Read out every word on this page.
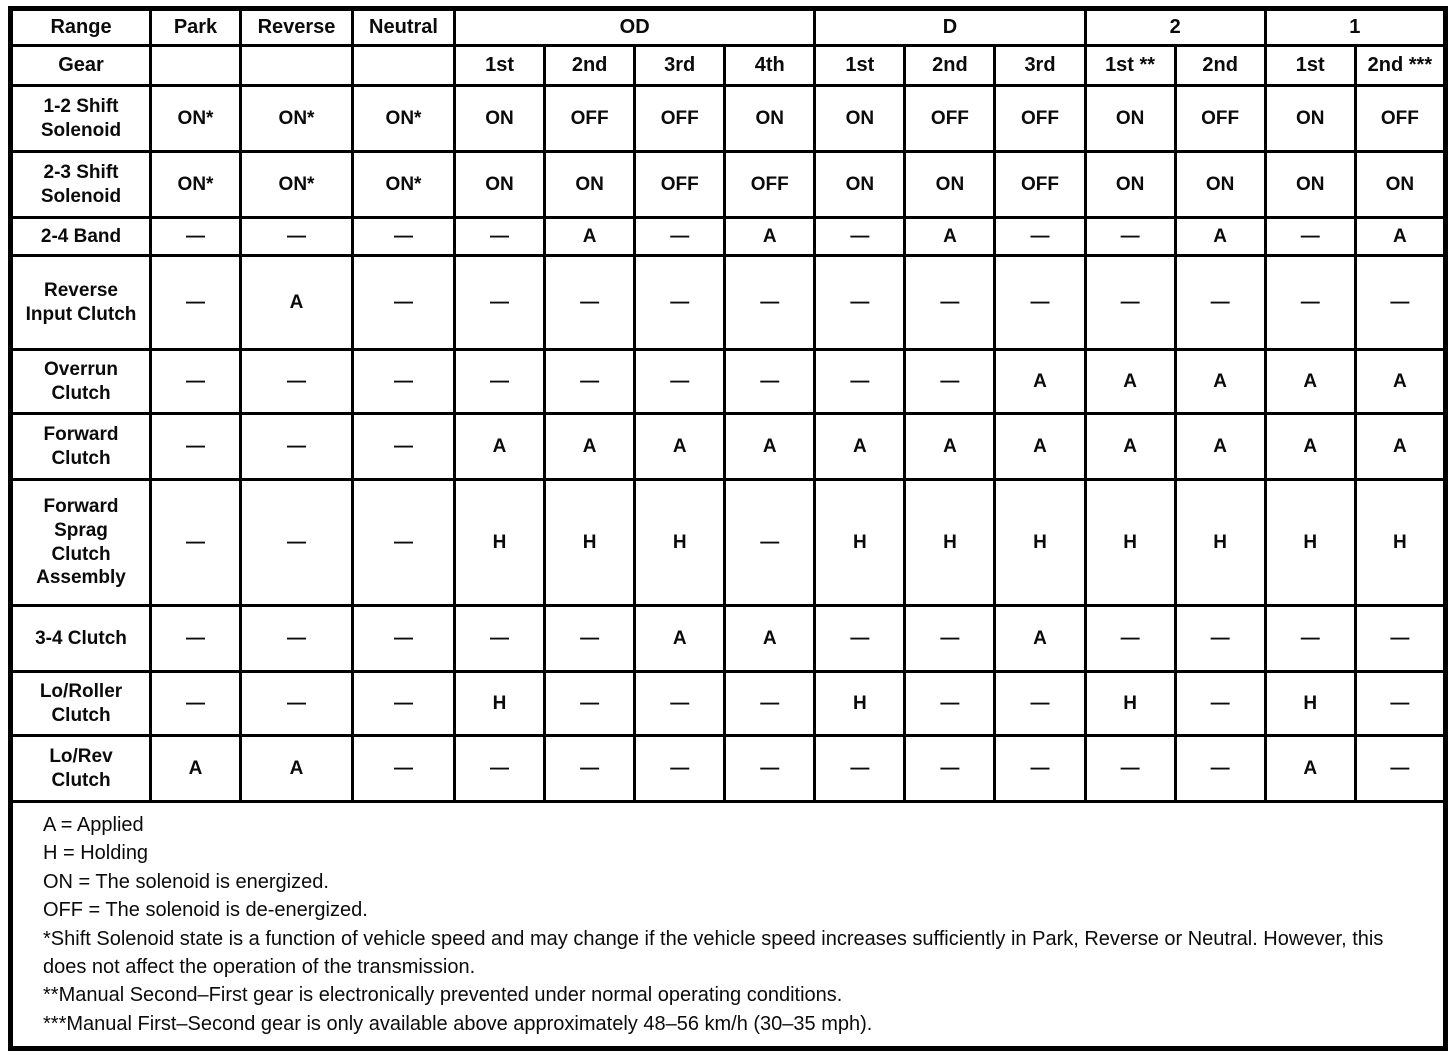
Range	Park	Reverse	Neutral	OD				D			2		1	
Gear				1st	2nd	3rd	4th	1st	2nd	3rd	1st **	2nd	1st	2nd ***
1-2 Shift Solenoid	ON*	ON*	ON*	ON	OFF	OFF	ON	ON	OFF	OFF	ON	OFF	ON	OFF
2-3 Shift Solenoid	ON*	ON*	ON*	ON	ON	OFF	OFF	ON	ON	OFF	ON	ON	ON	ON
2-4 Band	—	—	—	—	A	—	A	—	A	—	—	A	—	A
Reverse Input Clutch	—	A	—	—	—	—	—	—	—	—	—	—	—	—
Overrun Clutch	—	—	—	—	—	—	—	—	—	A	A	A	A	A
Forward Clutch	—	—	—	A	A	A	A	A	A	A	A	A	A	A
Forward Sprag Clutch Assembly	—	—	—	H	H	H	—	H	H	H	H	H	H	H
3-4 Clutch	—	—	—	—	—	A	A	—	—	A	—	—	—	—
Lo/Roller Clutch	—	—	—	H	—	—	—	H	—	—	H	—	H	—
Lo/Rev Clutch	A	A	—	—	—	—	—	—	—	—	—	—	A	—

A = Applied
H = Holding
ON = The solenoid is energized.
OFF = The solenoid is de-energized.
*Shift Solenoid state is a function of vehicle speed and may change if the vehicle speed increases sufficiently in Park, Reverse or Neutral. However, this does not affect the operation of the transmission.
**Manual Second–First gear is electronically prevented under normal operating conditions.
***Manual First–Second gear is only available above approximately 48–56 km/h (30–35 mph).
